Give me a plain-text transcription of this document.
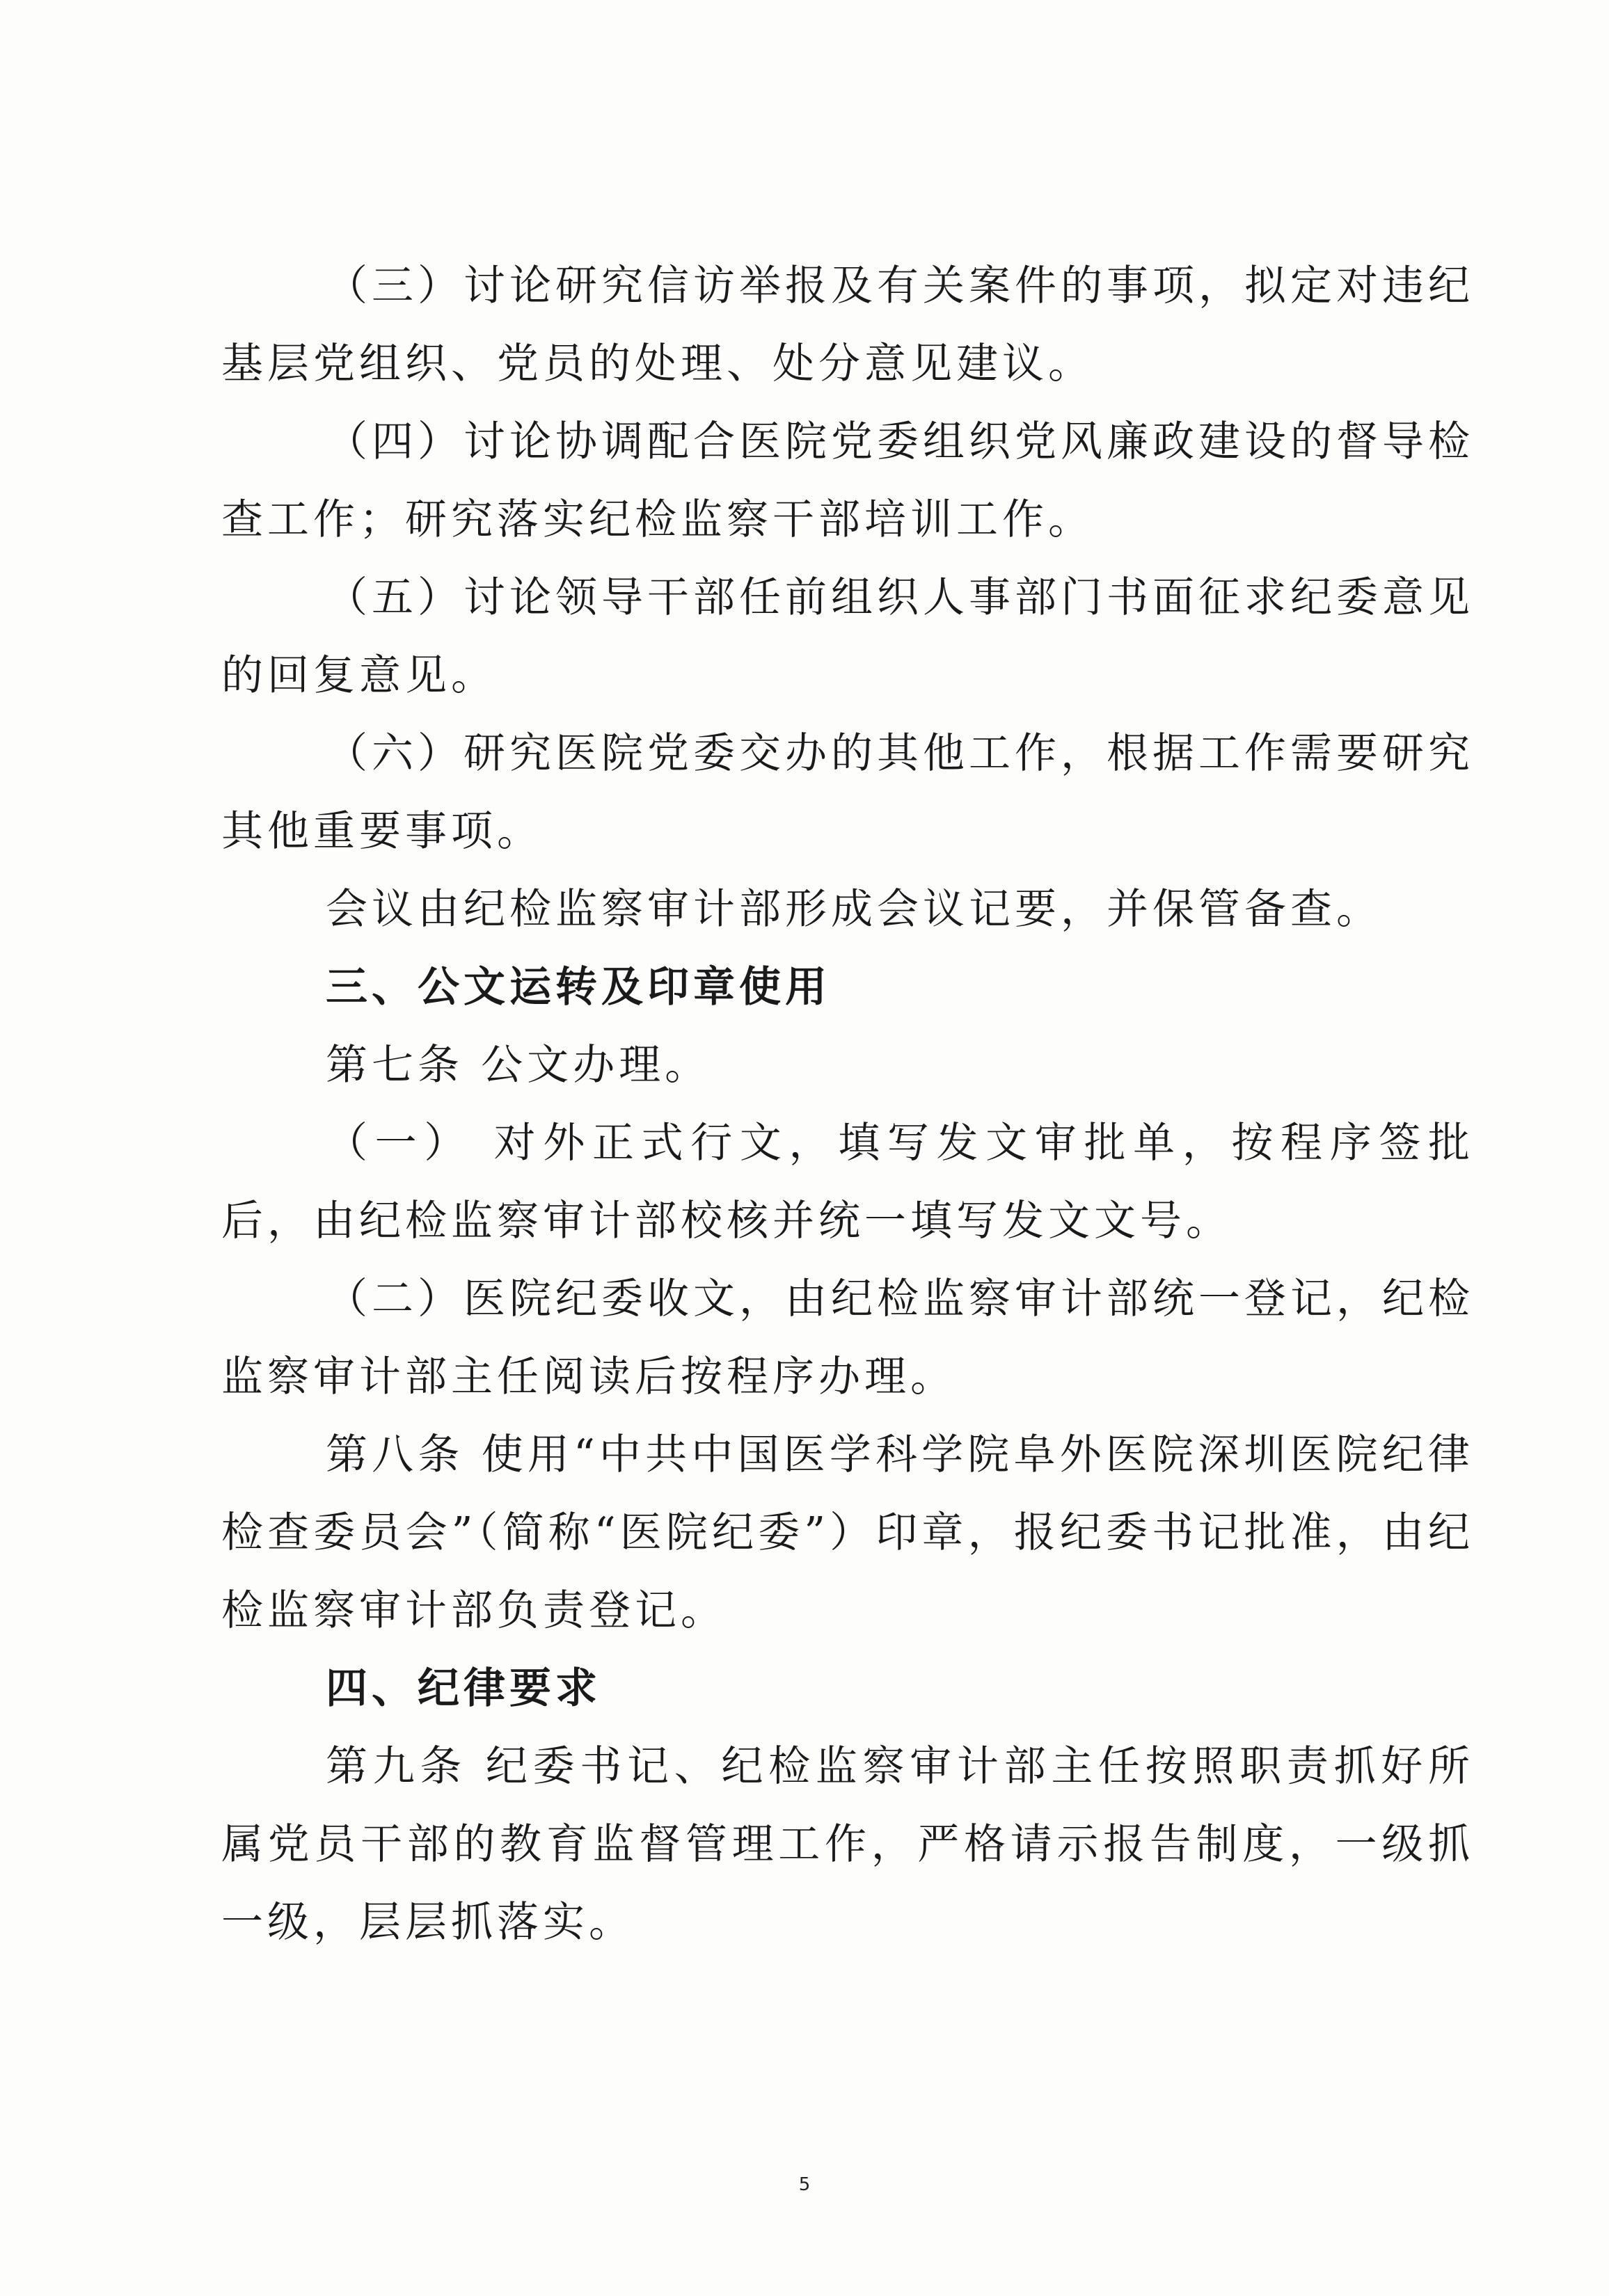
（三）讨论研究信访举报及有关案件的事项，拟定对违纪基层党组织、党员的处理、处分意见建议。

（四）讨论协调配合医院党委组织党风廉政建设的督导检查工作；研究落实纪检监察干部培训工作。

（五）讨论领导干部任前组织人事部门书面征求纪委意见的回复意见。

（六）研究医院党委交办的其他工作，根据工作需要研究其他重要事项。

会议由纪检监察审计部形成会议记要，并保管备查。

三、公文运转及印章使用

第七条 公文办理。

（一） 对外正式行文，填写发文审批单，按程序签批后，由纪检监察审计部校核并统一填写发文文号。

（二）医院纪委收文，由纪检监察审计部统一登记，纪检监察审计部主任阅读后按程序办理。

第八条 使用“中共中国医学科学院阜外医院深圳医院纪律检查委员会”（简称“医院纪委”）印章，报纪委书记批准，由纪检监察审计部负责登记。

四、纪律要求

第九条 纪委书记、纪检监察审计部主任按照职责抓好所属党员干部的教育监督管理工作，严格请示报告制度，一级抓一级，层层抓落实。

5
